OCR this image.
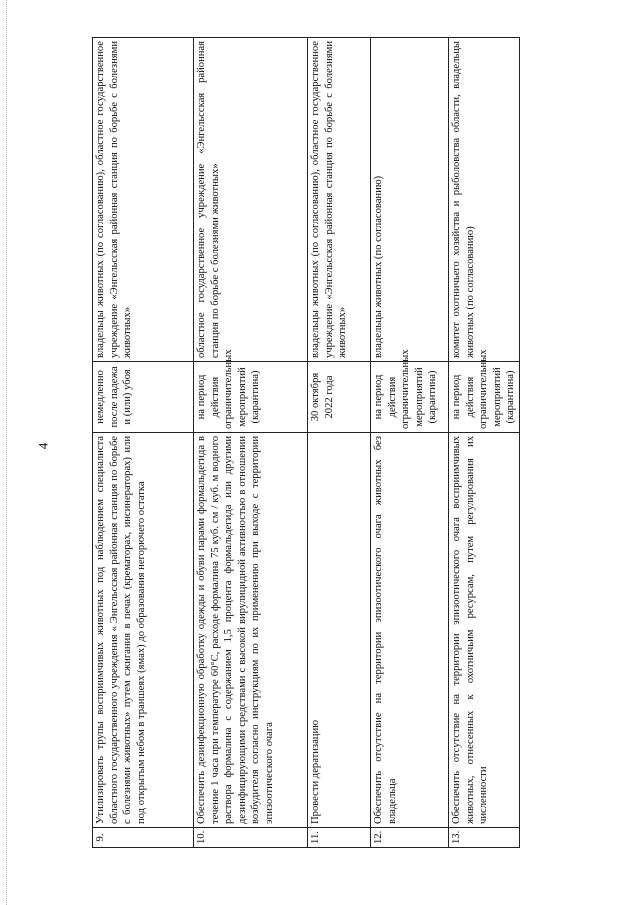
4
9.	Утилизировать трупы восприимчивых животных под наблюдением специалиста областного государственного учреждения « Энгельсская районная станция по борьбе с болезнями животных» путем сжигания в печах (крематорах, инсинераторах) или под открытым небом в траншеях (ямах) до образования негорючего остатка	немедленно после падежа и (или) убоя	владельцы животных (по согласованию), областное государственное учреждение «Энгельсская районная станция по борьбе с болезнями животных»
10.	Обеспечить дезинфекционную обработку одежды и обуви парами формальдегида в течение 1 часа при температуре 60°С, расходе формалина 75 куб. см / куб. м водного раствора формалина с содержанием 1,5 процента формальдегида или другими дезинфицирующими средствами с высокой вирулицидной активностью в отношении возбудителя согласно инструкциям по их применению при выходе с территории эпизоотического очага	на период действия ограничительных мероприятий (карантина)	областное государственное учреждение «Энгельсская районная станция по борьбе с болезнями животных»
11.	Провести дератизацию	30 октября 2022 года	владельцы животных (по согласованию), областное государственное учреждение «Энгельсская районная станция по борьбе с болезнями животных»
12.	Обеспечить отсутствие на территории эпизоотического очага животных без владельца	на период действия ограничительных мероприятий (карантина)	владельцы животных (по согласованию)
13.	Обеспечить отсутствие на территории эпизоотического очага восприимчивых животных, отнесенных к охотничьим ресурсам, путем регулирования их численности	на период действия ограничительных мероприятий (карантина)	комитет охотничьего хозяйства и рыболовства области, владельцы животных (по согласованию)
